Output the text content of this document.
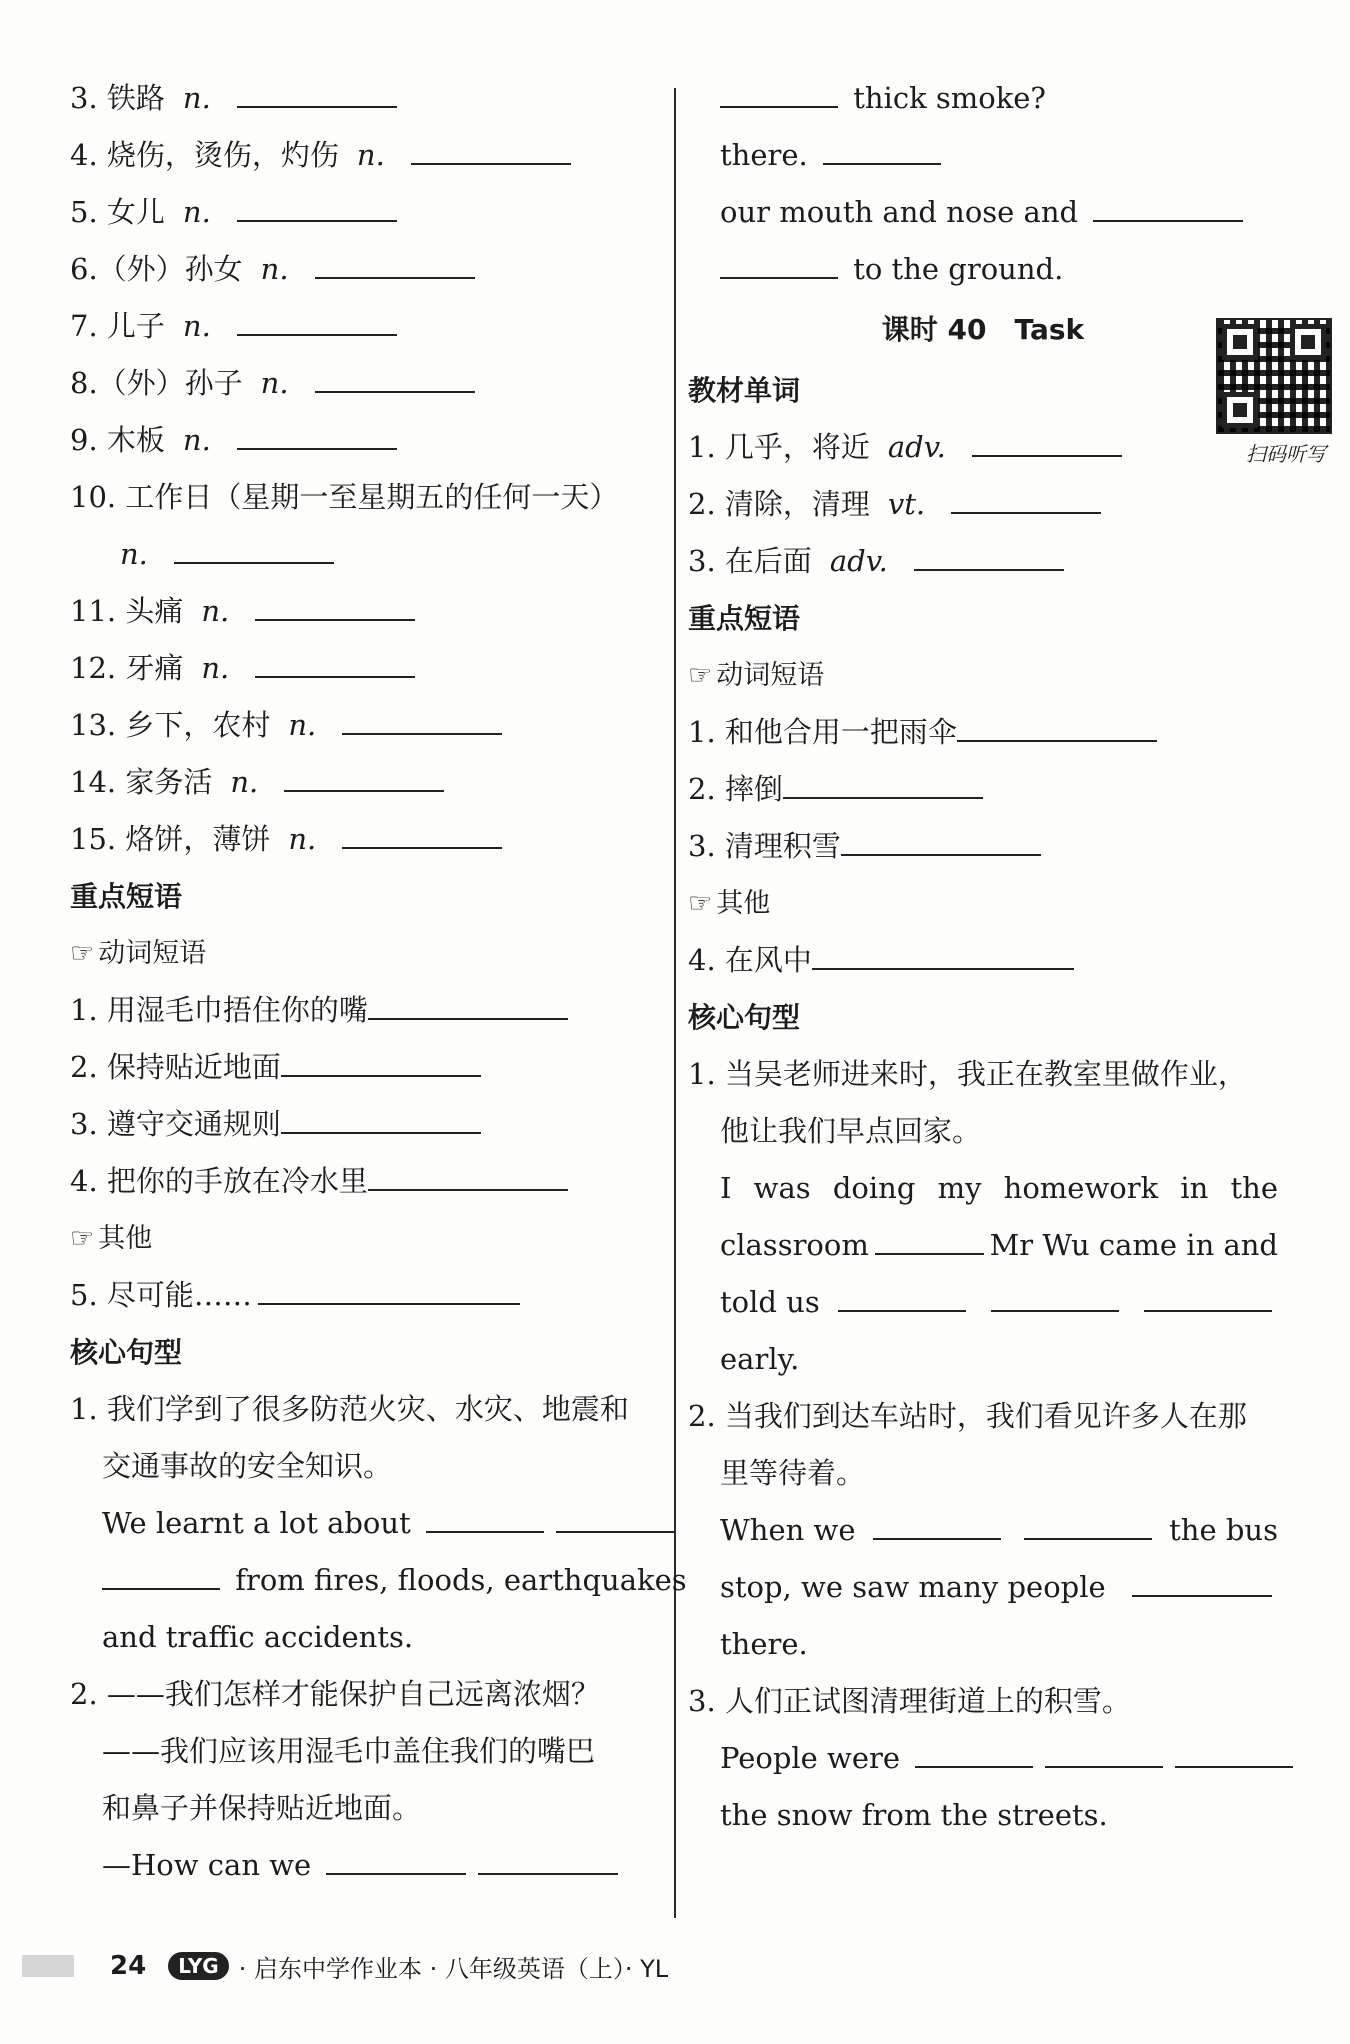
3. 铁路 n.
4. 烧伤，烫伤，灼伤 n.
5. 女儿 n.
6.（外）孙女 n.
7. 儿子 n.
8.（外）孙子 n.
9. 木板 n.
10. 工作日（星期一至星期五的任何一天）
n.
11. 头痛 n.
12. 牙痛 n.
13. 乡下，农村 n.
14. 家务活 n.
15. 烙饼，薄饼 n.
重点短语
☞ 动词短语
1. 用湿毛巾捂住你的嘴
2. 保持贴近地面
3. 遵守交通规则
4. 把你的手放在冷水里
☞ 其他
5. 尽可能……
核心句型
1. 我们学到了很多防范火灾、水灾、地震和
交通事故的安全知识。
We learnt a lot about
from fires, floods, earthquakes
and traffic accidents.
2. ——我们怎样才能保护自己远离浓烟？
——我们应该用湿毛巾盖住我们的嘴巴
和鼻子并保持贴近地面。
—How can we
thick smoke?
there.
our mouth and nose and
to the ground.
课时 40　Task
教材单词
1. 几乎，将近 adv.
2. 清除，清理 vt.
3. 在后面 adv.
重点短语
☞ 动词短语
1. 和他合用一把雨伞
2. 摔倒
3. 清理积雪
☞ 其他
4. 在风中
核心句型
1. 当吴老师进来时，我正在教室里做作业，
他让我们早点回家。
I was doing my homework in the
classroom	Mr Wu came in and
told us
early.
2. 当我们到达车站时，我们看见许多人在那
里等待着。
When we	the bus
stop, we saw many people
there.
3. 人们正试图清理街道上的积雪。
People were
the snow from the streets.
扫码听写
24	LYG · 启东中学作业本 · 八年级英语（上）· YL
